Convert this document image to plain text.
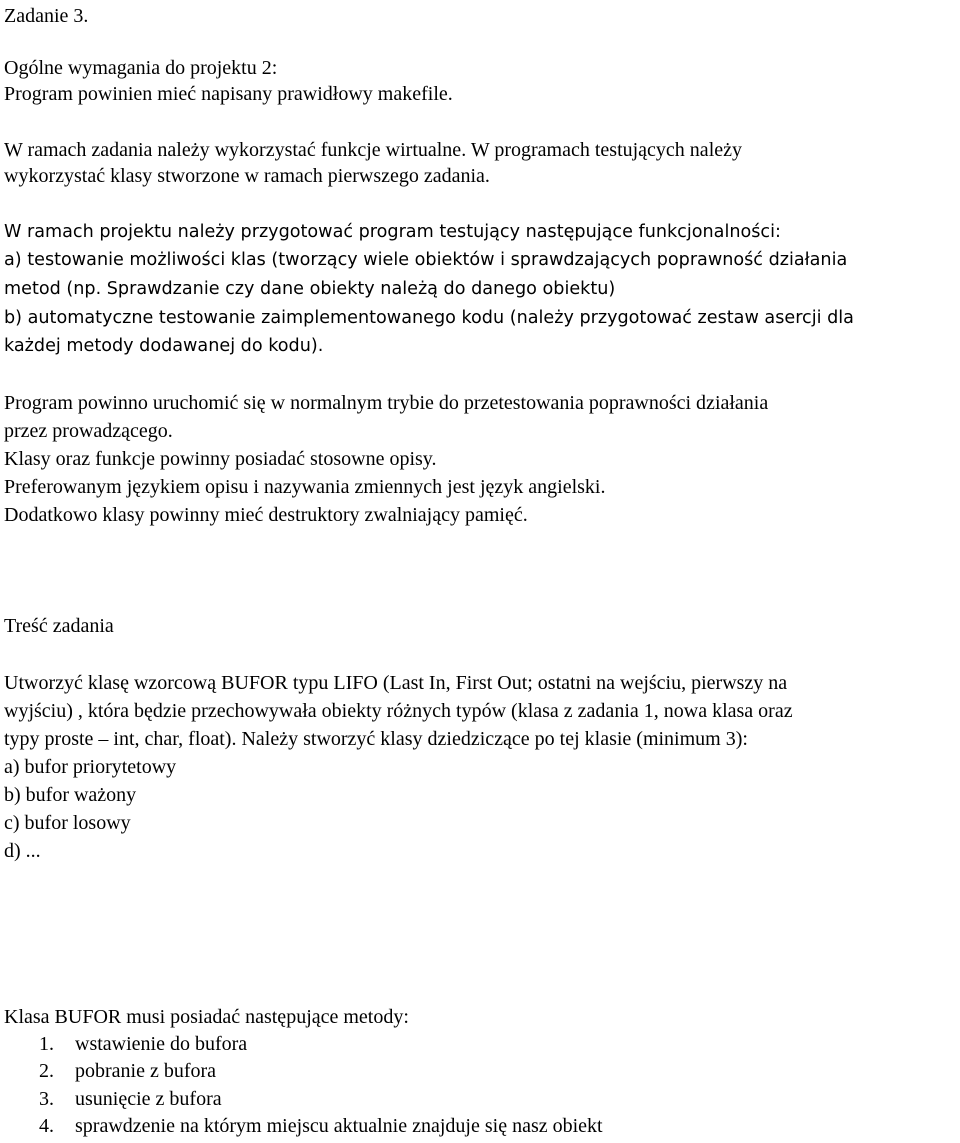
Zadanie 3.
Ogólne wymagania do projektu 2:
Program powinien mieć napisany prawidłowy makefile.
W ramach zadania należy wykorzystać funkcje wirtualne. W programach testujących należy
wykorzystać klasy stworzone w ramach pierwszego zadania.
W ramach projektu należy przygotować program testujący następujące funkcjonalności:
a) testowanie możliwości klas (tworzący wiele obiektów i sprawdzających poprawność działania
metod (np. Sprawdzanie czy dane obiekty należą do danego obiektu)
b) automatyczne testowanie zaimplementowanego kodu (należy przygotować zestaw asercji dla
każdej metody dodawanej do kodu).
Program powinno uruchomić się w normalnym trybie do przetestowania poprawności działania
przez prowadzącego.
Klasy oraz funkcje powinny posiadać stosowne opisy.
Preferowanym językiem opisu i nazywania zmiennych jest język angielski.
Dodatkowo klasy powinny mieć destruktory zwalniający pamięć.
Treść zadania
Utworzyć klasę wzorcową BUFOR typu LIFO (Last In, First Out; ostatni na wejściu, pierwszy na
wyjściu) , która będzie przechowywała obiekty różnych typów (klasa z zadania 1, nowa klasa oraz
typy proste – int, char, float). Należy stworzyć klasy dziedziczące po tej klasie (minimum 3):
a) bufor priorytetowy
b) bufor ważony
c) bufor losowy
d) ...
Klasa BUFOR musi posiadać następujące metody:
1. wstawienie do bufora
2. pobranie z bufora
3. usunięcie z bufora
4. sprawdzenie na którym miejscu aktualnie znajduje się nasz obiekt
